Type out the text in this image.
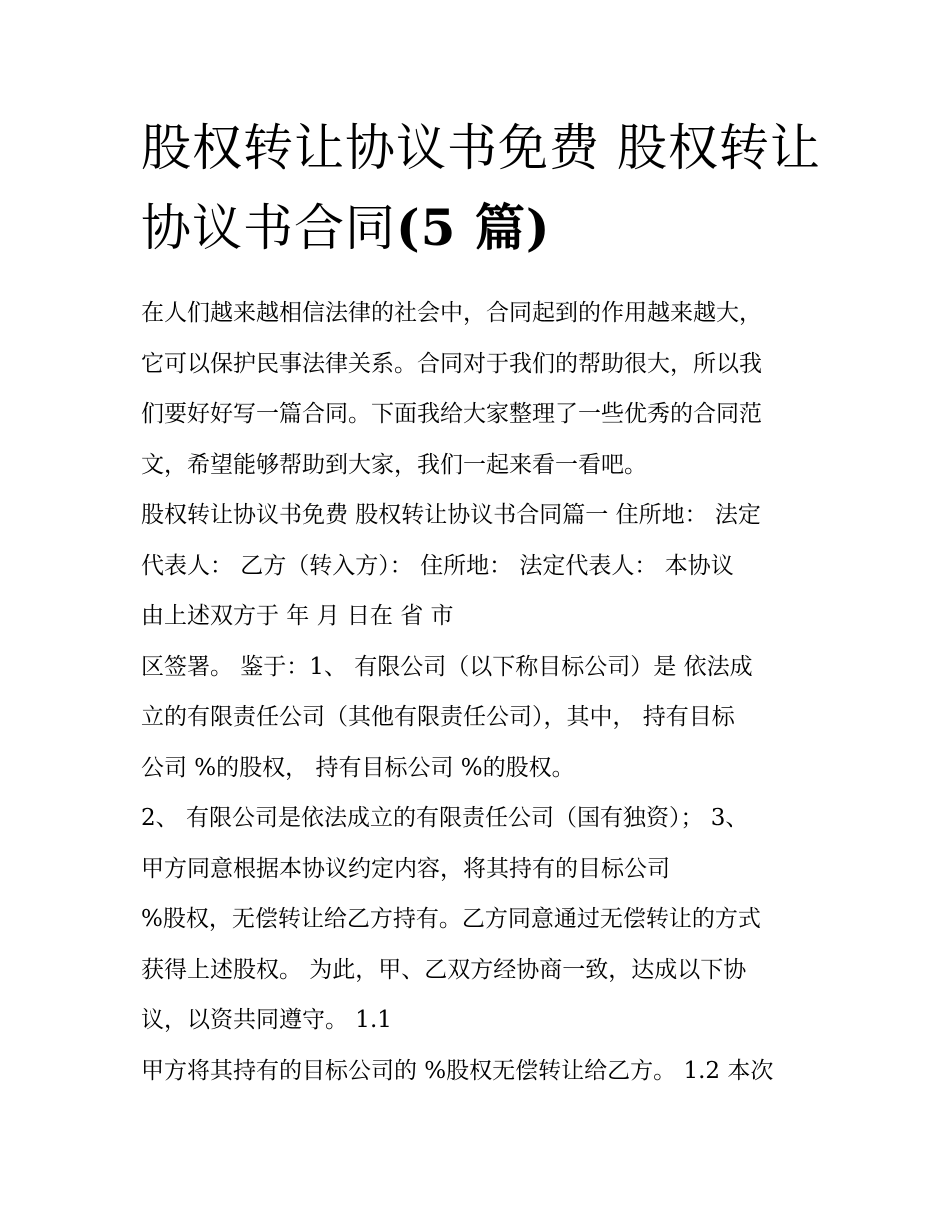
股权转让协议书免费 股权转让
协议书合同(5 篇)
在人们越来越相信法律的社会中，合同起到的作用越来越大，
它可以保护民事法律关系。合同对于我们的帮助很大，所以我
们要好好写一篇合同。下面我给大家整理了一些优秀的合同范
文，希望能够帮助到大家，我们一起来看一看吧。
股权转让协议书免费 股权转让协议书合同篇一 住所地： 法定
代表人： 乙方（转入方）： 住所地： 法定代表人： 本协议
由上述双方于 年 月 日在 省 市
区签署。 鉴于：1、 有限公司（以下称目标公司）是 依法成
立的有限责任公司（其他有限责任公司），其中， 持有目标
公司 %的股权， 持有目标公司 %的股权。
2、 有限公司是依法成立的有限责任公司（国有独资）； 3、
甲方同意根据本协议约定内容，将其持有的目标公司
%股权，无偿转让给乙方持有。乙方同意通过无偿转让的方式
获得上述股权。 为此，甲、乙双方经协商一致，达成以下协
议，以资共同遵守。 1.1
甲方将其持有的目标公司的 %股权无偿转让给乙方。 1.2 本次
